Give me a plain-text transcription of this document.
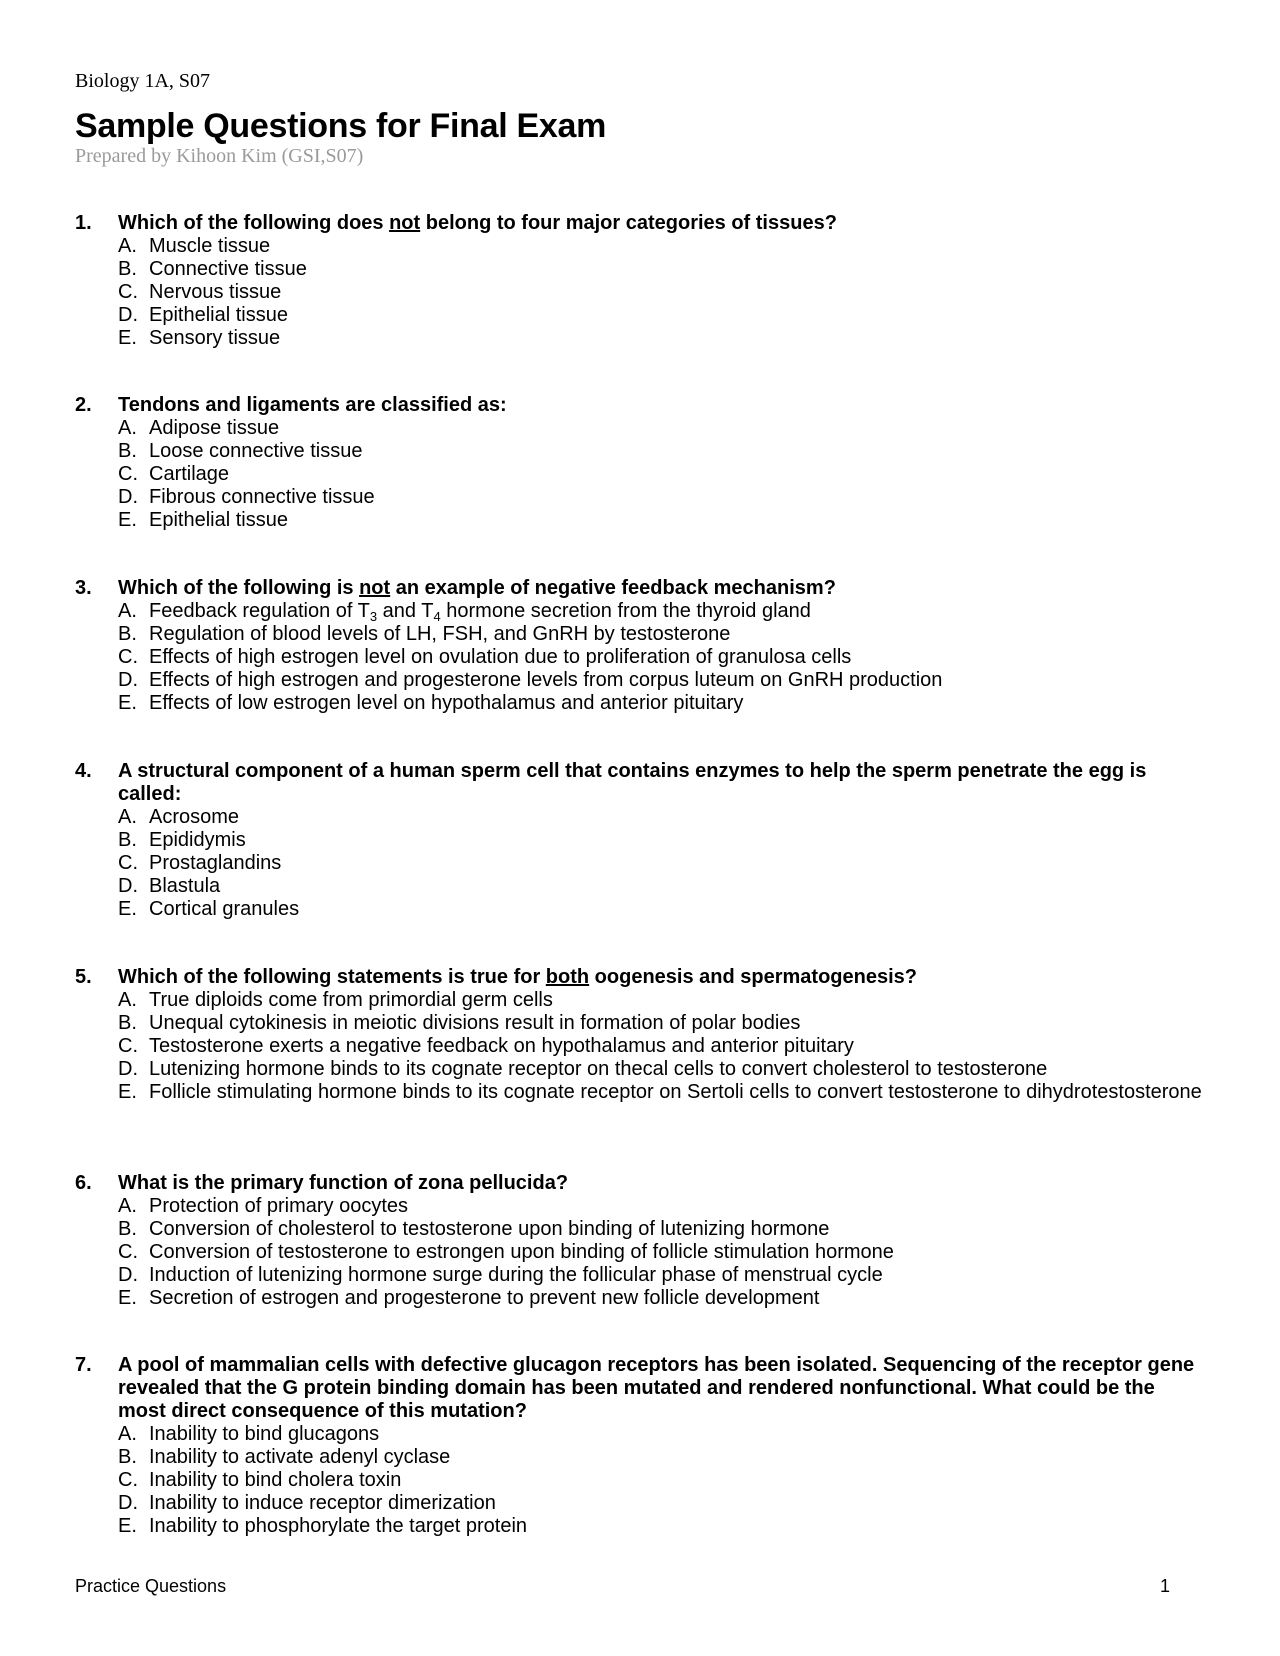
Biology 1A, S07
Sample Questions for Final Exam
Prepared by Kihoon Kim (GSI,S07)
1. Which of the following does not belong to four major categories of tissues?
A. Muscle tissue
B. Connective tissue
C. Nervous tissue
D. Epithelial tissue
E. Sensory tissue
2. Tendons and ligaments are classified as:
A. Adipose tissue
B. Loose connective tissue
C. Cartilage
D. Fibrous connective tissue
E. Epithelial tissue
3. Which of the following is not an example of negative feedback mechanism?
A. Feedback regulation of $T_3$ and $T_4$ hormone secretion from the thyroid gland
B. Regulation of blood levels of LH, FSH, and GnRH by testosterone
C. Effects of high estrogen level on ovulation due to proliferation of granulosa cells
D. Effects of high estrogen and progesterone levels from corpus luteum on GnRH production
E. Effects of low estrogen level on hypothalamus and anterior pituitary
4. A structural component of a human sperm cell that contains enzymes to help the sperm penetrate the egg is called:
A. Acrosome
B. Epididymis
C. Prostaglandins
D. Blastula
E. Cortical granules
5. Which of the following statements is true for both oogenesis and spermatogenesis?
A. True diploids come from primordial germ cells
B. Unequal cytokinesis in meiotic divisions result in formation of polar bodies
C. Testosterone exerts a negative feedback on hypothalamus and anterior pituitary
D. Lutenizing hormone binds to its cognate receptor on thecal cells to convert cholesterol to testosterone
E. Follicle stimulating hormone binds to its cognate receptor on Sertoli cells to convert testosterone to dihydrotestosterone
6. What is the primary function of zona pellucida?
A. Protection of primary oocytes
B. Conversion of cholesterol to testosterone upon binding of lutenizing hormone
C. Conversion of testosterone to estrongen upon binding of follicle stimulation hormone
D. Induction of lutenizing hormone surge during the follicular phase of menstrual cycle
E. Secretion of estrogen and progesterone to prevent new follicle development
7. A pool of mammalian cells with defective glucagon receptors has been isolated. Sequencing of the receptor gene revealed that the G protein binding domain has been mutated and rendered nonfunctional. What could be the most direct consequence of this mutation?
A. Inability to bind glucagons
B. Inability to activate adenyl cyclase
C. Inability to bind cholera toxin
D. Inability to induce receptor dimerization
E. Inability to phosphorylate the target protein
Practice Questions	1
